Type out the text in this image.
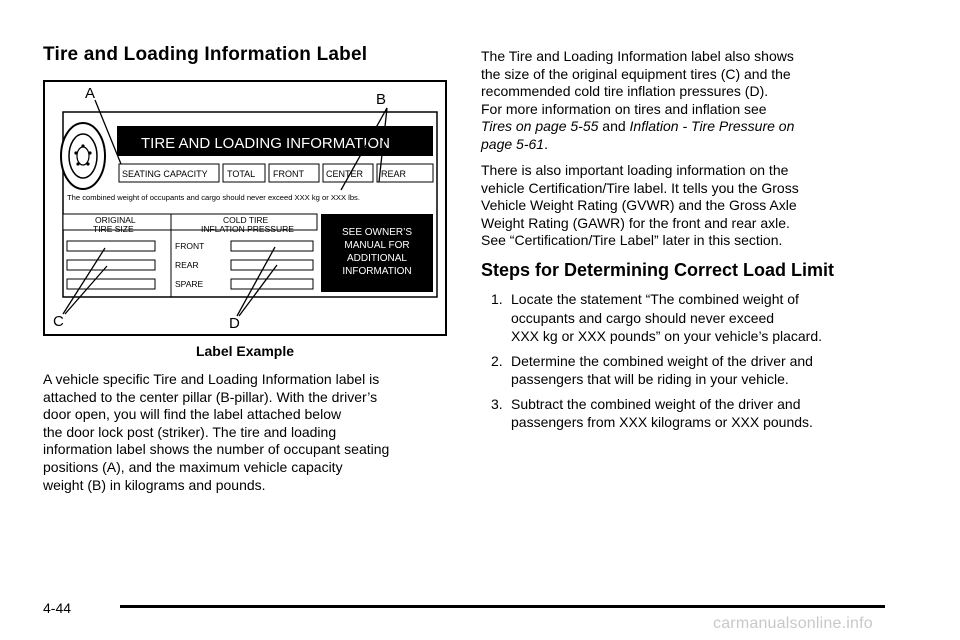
Tire and Loading Information Label
TIRE AND LOADING INFORMATION
SEATING CAPACITY TOTAL FRONT CENTER REAR
The combined weight of occupants and cargo should never exceed XXX kg or XXX lbs.
ORIGINAL
TIRE SIZE
COLD TIRE
INFLATION PRESSURE
FRONT
REAR
SPARE
SEE OWNER’S
MANUAL FOR
ADDITIONAL
INFORMATION
A	B
C	D
Label Example
A vehicle specific Tire and Loading Information label is
attached to the center pillar (B-pillar). With the driver’s
door open, you will find the label attached below
the door lock post (striker). The tire and loading
information label shows the number of occupant seating
positions (A), and the maximum vehicle capacity
weight (B) in kilograms and pounds.
The Tire and Loading Information label also shows
the size of the original equipment tires (C) and the
recommended cold tire inflation pressures (D).
For more information on tires and inflation see
Tires on page 5-55 and Inflation - Tire Pressure on
page 5-61.
There is also important loading information on the
vehicle Certification/Tire label. It tells you the Gross
Vehicle Weight Rating (GVWR) and the Gross Axle
Weight Rating (GAWR) for the front and rear axle.
See “Certification/Tire Label” later in this section.
Steps for Determining Correct Load Limit
1. Locate the statement “The combined weight of
occupants and cargo should never exceed
XXX kg or XXX pounds” on your vehicle’s placard.
2. Determine the combined weight of the driver and
passengers that will be riding in your vehicle.
3. Subtract the combined weight of the driver and
passengers from XXX kilograms or XXX pounds.
4-44
carmanualsonline.info
